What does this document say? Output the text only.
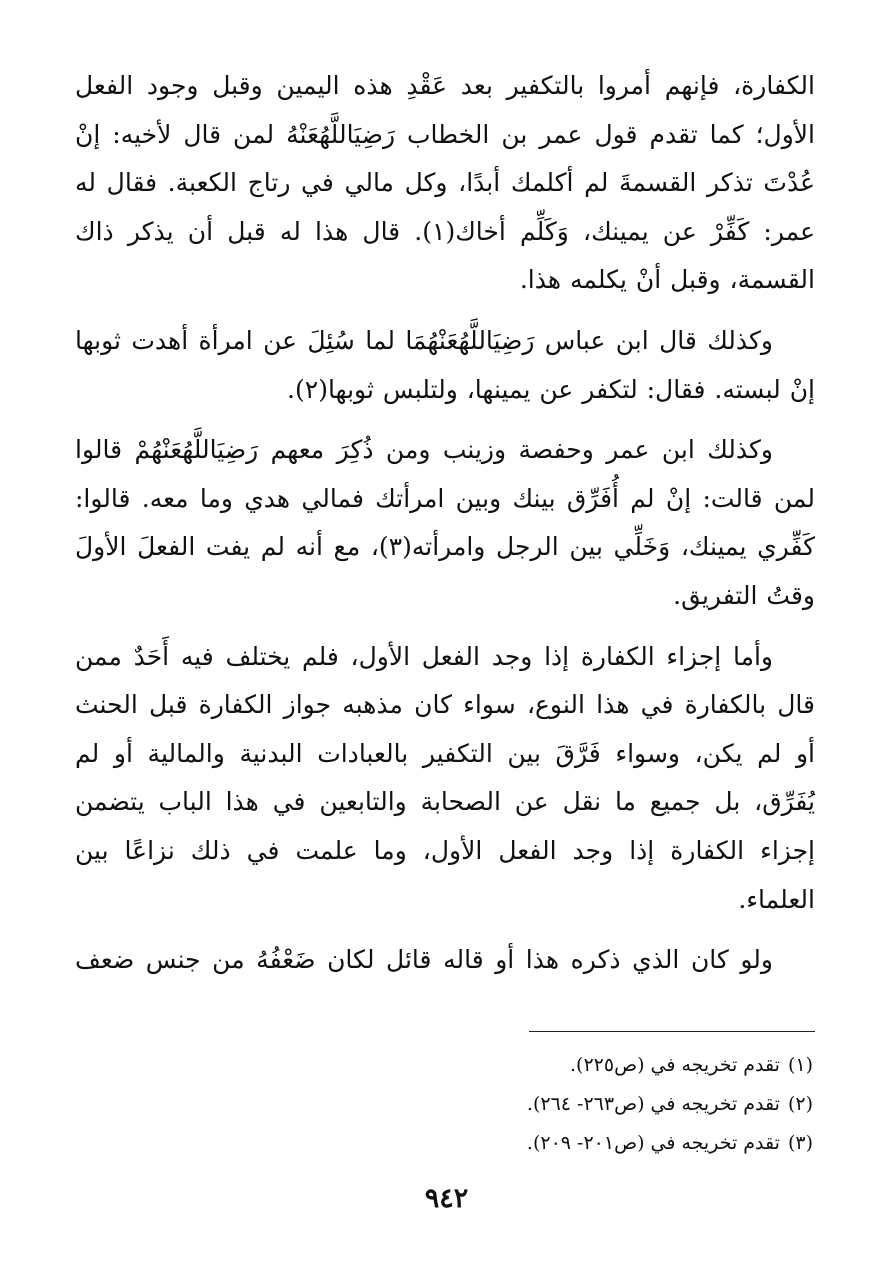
الكفارة، فإنهم أمروا بالتكفير بعد عَقْدِ هذه اليمين وقبل وجود الفعل الأول؛ كما تقدم قول عمر بن الخطاب رَضِيَاللَّهُعَنْهُ لمن قال لأخيه: إنْ عُدْتَ تذكر القسمةَ لم أكلمك أبدًا، وكل مالي في رتاج الكعبة. فقال له عمر: كَفِّرْ عن يمينك، وَكَلِّم أخاك(١). قال هذا له قبل أن يذكر ذاك القسمة، وقبل أنْ يكلمه هذا.

وكذلك قال ابن عباس رَضِيَاللَّهُعَنْهُمَا لما سُئِلَ عن امرأة أهدت ثوبها إنْ لبسته. فقال: لتكفر عن يمينها، ولتلبس ثوبها(٢).

وكذلك ابن عمر وحفصة وزينب ومن ذُكِرَ معهم رَضِيَاللَّهُعَنْهُمْ قالوا لمن قالت: إنْ لم أُفَرِّق بينك وبين امرأتك فمالي هدي وما معه. قالوا: كَفِّري يمينك، وَخَلِّي بين الرجل وامرأته(٣)، مع أنه لم يفت الفعلَ الأولَ وقتُ التفريق.

وأما إجزاء الكفارة إذا وجد الفعل الأول، فلم يختلف فيه أَحَدٌ ممن قال بالكفارة في هذا النوع، سواء كان مذهبه جواز الكفارة قبل الحنث أو لم يكن، وسواء فَرَّقَ بين التكفير بالعبادات البدنية والمالية أو لم يُفَرِّق، بل جميع ما نقل عن الصحابة والتابعين في هذا الباب يتضمن إجزاء الكفارة إذا وجد الفعل الأول، وما علمت في ذلك نزاعًا بين العلماء.

ولو كان الذي ذكره هذا أو قاله قائل لكان ضَعْفُهُ من جنس ضعف

(١)تقدم تخريجه في (ص٢٢٥).
(٢)تقدم تخريجه في (ص٢٦٣- ٢٦٤).
(٣)تقدم تخريجه في (ص٢٠١- ٢٠٩).
٩٤٢
